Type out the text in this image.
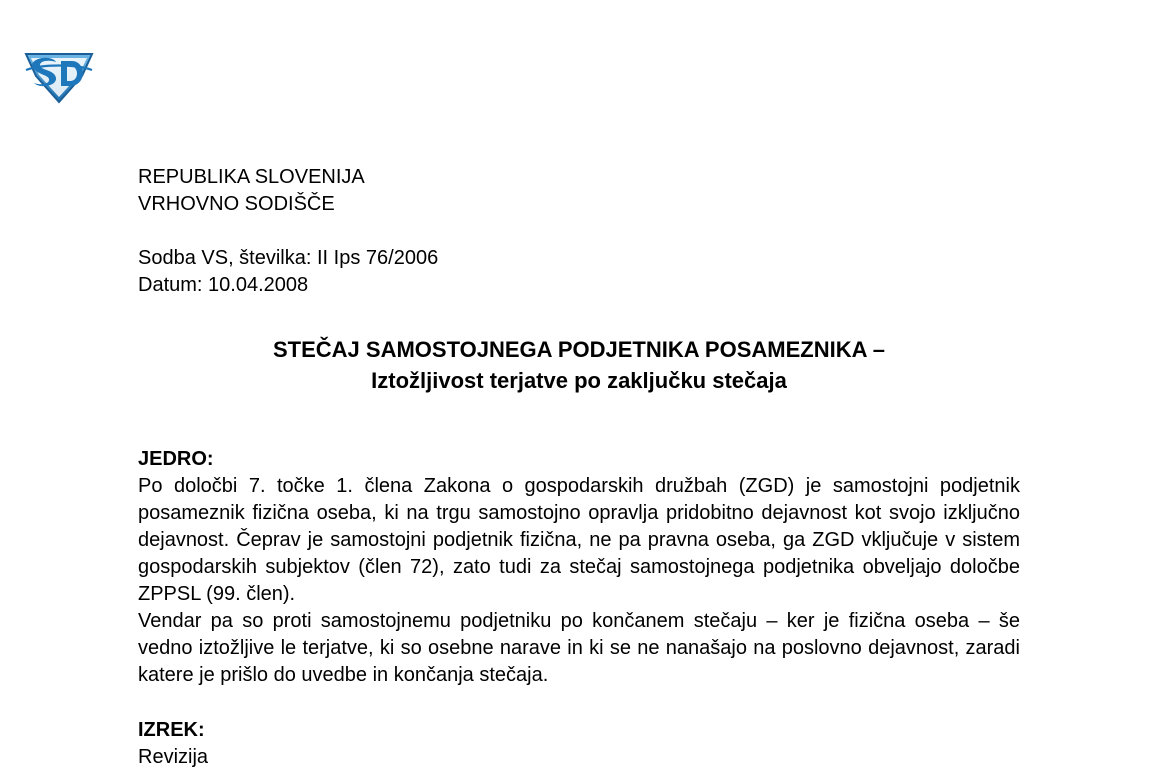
REPUBLIKA SLOVENIJA

VRHOVNO SODIŠČE

Sodba VS, številka: II Ips 76/2006

Datum: 10.04.2008

STEČAJ SAMOSTOJNEGA PODJETNIKA POSAMEZNIKA –
Iztožljivost terjatve po zaključku stečaja

JEDRO:

Po določbi 7. točke 1. člena Zakona o gospodarskih družbah (ZGD) je samostojni podjetnik posameznik fizična oseba, ki na trgu samostojno opravlja pridobitno dejavnost kot svojo izključno dejavnost. Čeprav je samostojni podjetnik fizična, ne pa pravna oseba, ga ZGD vključuje v sistem gospodarskih subjektov (člen 72), zato tudi za stečaj samostojnega podjetnika obveljajo določbe ZPPSL (99. člen).

Vendar pa so proti samostojnemu podjetniku po končanem stečaju – ker je fizična oseba – še vedno iztožljive le terjatve, ki so osebne narave in ki se ne nanašajo na poslovno dejavnost, zaradi katere je prišlo do uvedbe in končanja stečaja.

IZREK:

Revizija
